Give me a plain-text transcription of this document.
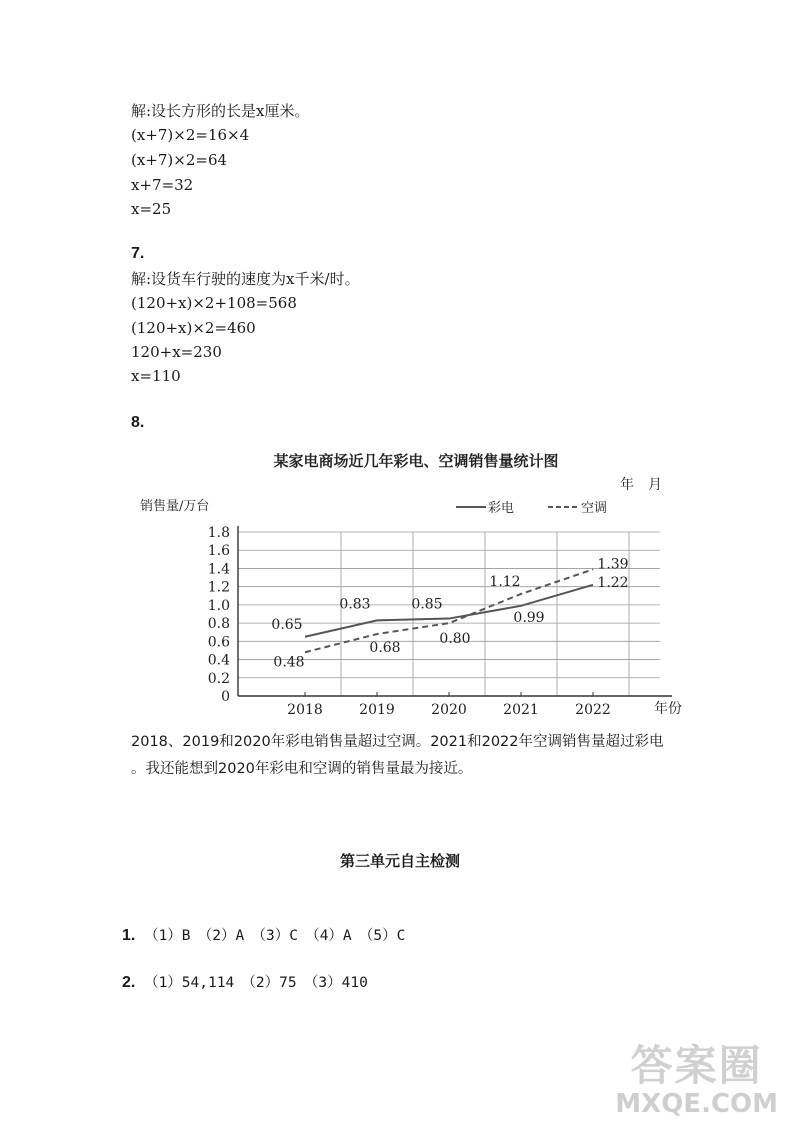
解:设长方形的长是x厘米。
(x+7)×2=16×4
(x+7)×2=64
x+7=32
x=25
7.
解:设货车行驶的速度为x千米/时。
(120+x)×2+108=568
(120+x)×2=460
120+x=230
x=110
8.
某家电商场近几年彩电、空调销售量统计图
年　月
销售量/万台	彩电	空调
0
0.2
0.4
0.6
0.8
1.0
1.2
1.4
1.6
1.8
2018	2019	2020	2021	2022
0.65
0.83	0.85
0.99
1.22
0.48
0.68
0.80
1.12
1.39
年份
2018、2019和2020年彩电销售量超过空调。2021和2022年空调销售量超过彩电
。我还能想到2020年彩电和空调的销售量最为接近。
第三单元自主检测
1. （1）B　（2）A　（3）C　（4）A　（5）C
2. （1）54,114　（2）75　（3）410
答案圈
MXQE.COM
